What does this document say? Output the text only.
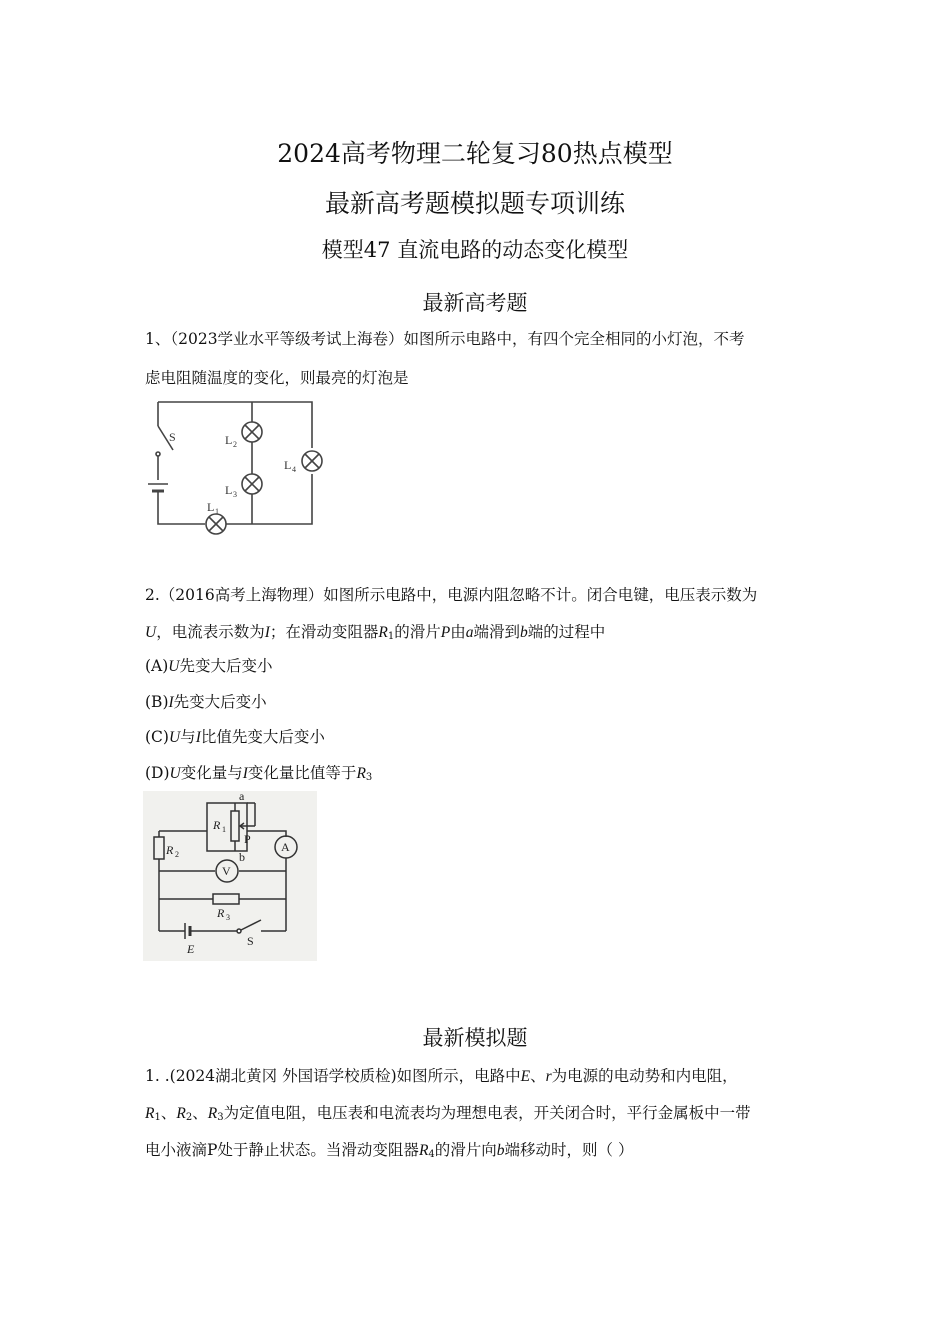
2024高考物理二轮复习80热点模型
最新高考题模拟题专项训练
模型47 直流电路的动态变化模型
最新高考题
1、（2023学业水平等级考试上海卷）如图所示电路中，有四个完全相同的小灯泡，不考
虑电阻随温度的变化，则最亮的灯泡是
S	L 2
L 3
L 4
L 1
2.（2016高考上海物理）如图所示电路中，电源内阻忽略不计。闭合电键，电压表示数为
U，电流表示数为I；在滑动变阻器$R_1$的滑片P由a端滑到b端的过程中
(A)U先变大后变小
(B)I先变大后变小
(C)U与I比值先变大后变小
(D)U变化量与I变化量比值等于$R_3$
a
b
R 1
P
R 2
A
V
R 3
E
S
最新模拟题
1. .(2024湖北黄冈 外国语学校质检)如图所示，电路中E、r为电源的电动势和内电阻，
$R_1$、$R_2$、$R_3$为定值电阻，电压表和电流表均为理想电表，开关闭合时，平行金属板中一带
电小液滴P处于静止状态。当滑动变阻器$R_4$的滑片向b端移动时，则（ ）
